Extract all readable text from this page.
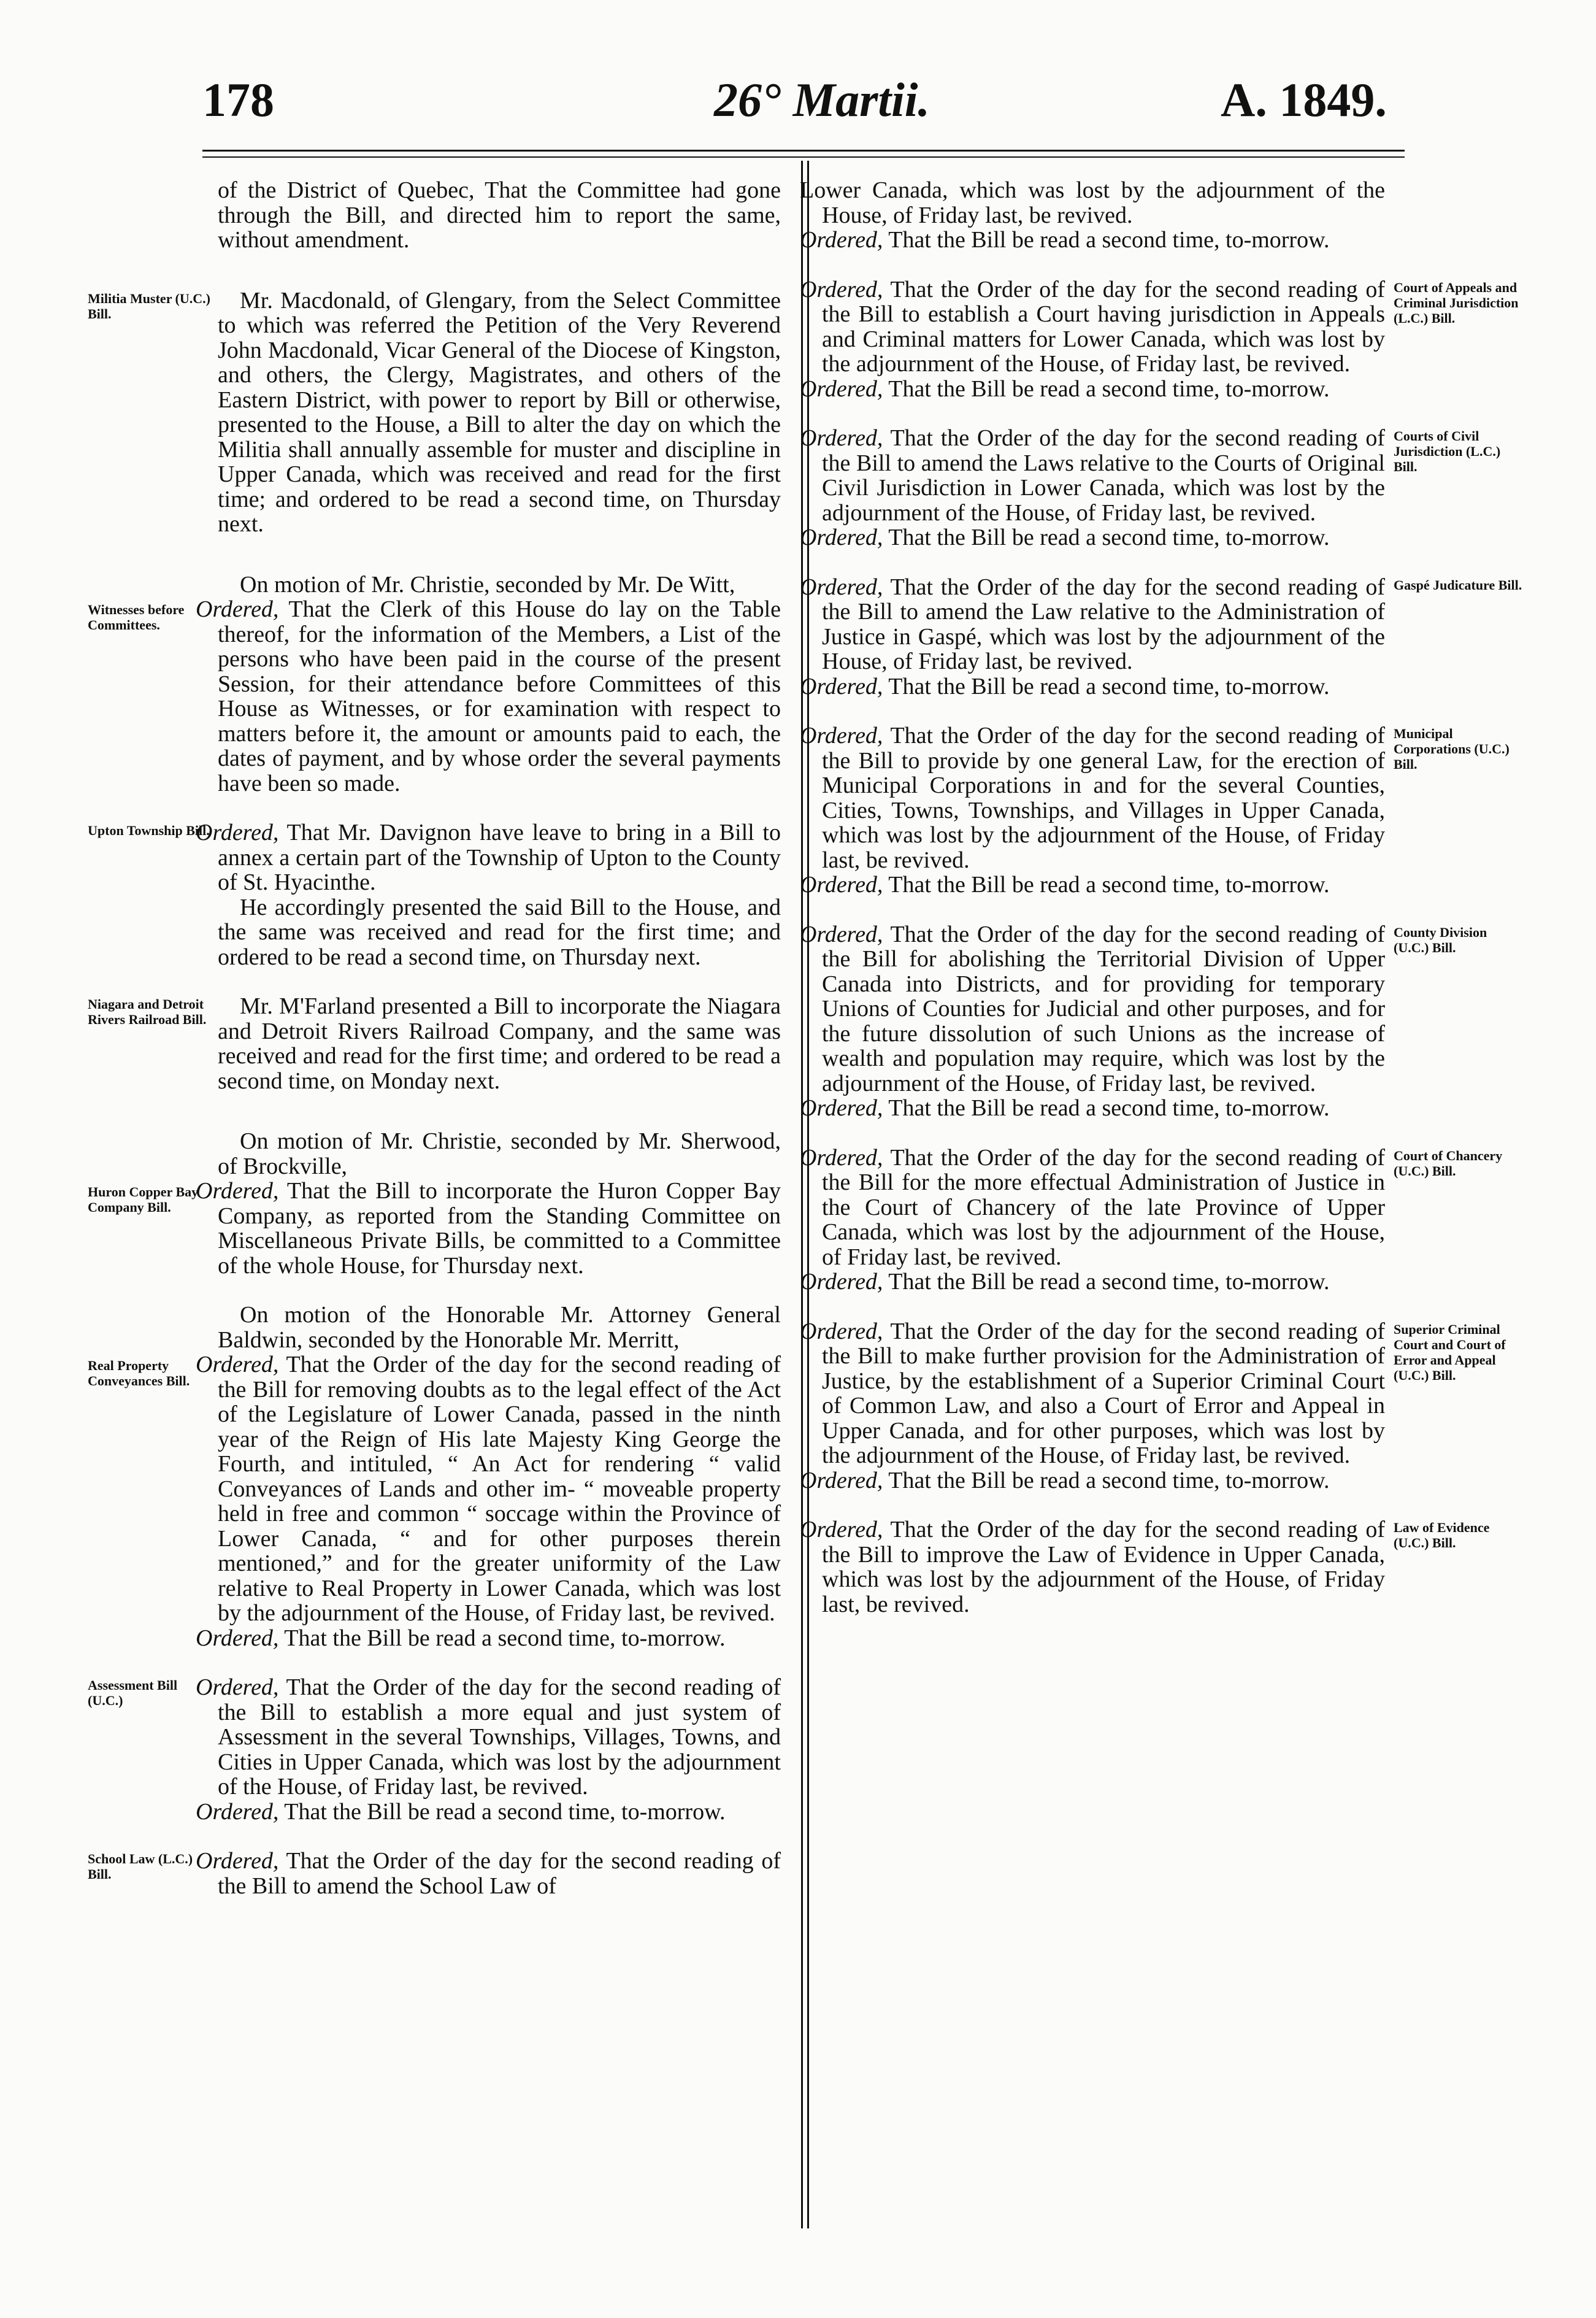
178	26° Martii.	A. 1849.

of the District of Quebec, That the Committee had gone through the Bill, and directed him to report the same, without amendment.

Militia Muster (U.C.) Bill.

Mr. Macdonald, of Glengary, from the Select Committee to which was referred the Petition of the Very Reverend John Macdonald, Vicar General of the Diocese of Kingston, and others, the Clergy, Magistrates, and others of the Eastern District, with power to report by Bill or otherwise, presented to the House, a Bill to alter the day on which the Militia shall annually assemble for muster and discipline in Upper Canada, which was received and read for the first time; and ordered to be read a second time, on Thursday next.

Witnesses before Committees.

On motion of Mr. Christie, seconded by Mr. De Witt,

Ordered, That the Clerk of this House do lay on the Table thereof, for the information of the Members, a List of the persons who have been paid in the course of the present Session, for their attendance before Committees of this House as Witnesses, or for examination with respect to matters before it, the amount or amounts paid to each, the dates of payment, and by whose order the several payments have been so made.

Upton Township Bill.

Ordered, That Mr. Davignon have leave to bring in a Bill to annex a certain part of the Township of Upton to the County of St. Hyacinthe.

He accordingly presented the said Bill to the House, and the same was received and read for the first time; and ordered to be read a second time, on Thursday next.

Niagara and Detroit Rivers Railroad Bill.

Mr. M'Farland presented a Bill to incorporate the Niagara and Detroit Rivers Railroad Company, and the same was received and read for the first time; and ordered to be read a second time, on Monday next.

Huron Copper Bay Company Bill.

On motion of Mr. Christie, seconded by Mr. Sherwood, of Brockville,

Ordered, That the Bill to incorporate the Huron Copper Bay Company, as reported from the Standing Committee on Miscellaneous Private Bills, be committed to a Committee of the whole House, for Thursday next.

Real Property Conveyances Bill.

On motion of the Honorable Mr. Attorney General Baldwin, seconded by the Honorable Mr. Merritt,

Ordered, That the Order of the day for the second reading of the Bill for removing doubts as to the legal effect of the Act of the Legislature of Lower Canada, passed in the ninth year of the Reign of His late Majesty King George the Fourth, and intituled, “ An Act for rendering “ valid Conveyances of Lands and other im- “ moveable property held in free and common “ soccage within the Province of Lower Canada, “ and for other purposes therein mentioned,” and for the greater uniformity of the Law relative to Real Property in Lower Canada, which was lost by the adjournment of the House, of Friday last, be revived.

Ordered, That the Bill be read a second time, to-morrow.

Assessment Bill (U.C.)

Ordered, That the Order of the day for the second reading of the Bill to establish a more equal and just system of Assessment in the several Townships, Villages, Towns, and Cities in Upper Canada, which was lost by the adjournment of the House, of Friday last, be revived.

Ordered, That the Bill be read a second time, to-morrow.

School Law (L.C.) Bill.

Ordered, That the Order of the day for the second reading of the Bill to amend the School Law of

Lower Canada, which was lost by the adjournment of the House, of Friday last, be revived.

Ordered, That the Bill be read a second time, to-morrow.

Court of Appeals and Criminal Jurisdiction (L.C.) Bill.

Ordered, That the Order of the day for the second reading of the Bill to establish a Court having jurisdiction in Appeals and Criminal matters for Lower Canada, which was lost by the adjournment of the House, of Friday last, be revived.

Ordered, That the Bill be read a second time, to-morrow.

Courts of Civil Jurisdiction (L.C.) Bill.

Ordered, That the Order of the day for the second reading of the Bill to amend the Laws relative to the Courts of Original Civil Jurisdiction in Lower Canada, which was lost by the adjournment of the House, of Friday last, be revived.

Ordered, That the Bill be read a second time, to-morrow.

Gaspé Judicature Bill.

Ordered, That the Order of the day for the second reading of the Bill to amend the Law relative to the Administration of Justice in Gaspé, which was lost by the adjournment of the House, of Friday last, be revived.

Ordered, That the Bill be read a second time, to-morrow.

Municipal Corporations (U.C.) Bill.

Ordered, That the Order of the day for the second reading of the Bill to provide by one general Law, for the erection of Municipal Corporations in and for the several Counties, Cities, Towns, Townships, and Villages in Upper Canada, which was lost by the adjournment of the House, of Friday last, be revived.

Ordered, That the Bill be read a second time, to-morrow.

County Division (U.C.) Bill.

Ordered, That the Order of the day for the second reading of the Bill for abolishing the Territorial Division of Upper Canada into Districts, and for providing for temporary Unions of Counties for Judicial and other purposes, and for the future dissolution of such Unions as the increase of wealth and population may require, which was lost by the adjournment of the House, of Friday last, be revived.

Ordered, That the Bill be read a second time, to-morrow.

Court of Chancery (U.C.) Bill.

Ordered, That the Order of the day for the second reading of the Bill for the more effectual Administration of Justice in the Court of Chancery of the late Province of Upper Canada, which was lost by the adjournment of the House, of Friday last, be revived.

Ordered, That the Bill be read a second time, to-morrow.

Superior Criminal Court and Court of Error and Appeal (U.C.) Bill.

Ordered, That the Order of the day for the second reading of the Bill to make further provision for the Administration of Justice, by the establishment of a Superior Criminal Court of Common Law, and also a Court of Error and Appeal in Upper Canada, and for other purposes, which was lost by the adjournment of the House, of Friday last, be revived.

Ordered, That the Bill be read a second time, to-morrow.

Law of Evidence (U.C.) Bill.

Ordered, That the Order of the day for the second reading of the Bill to improve the Law of Evidence in Upper Canada, which was lost by the adjournment of the House, of Friday last, be revived.
